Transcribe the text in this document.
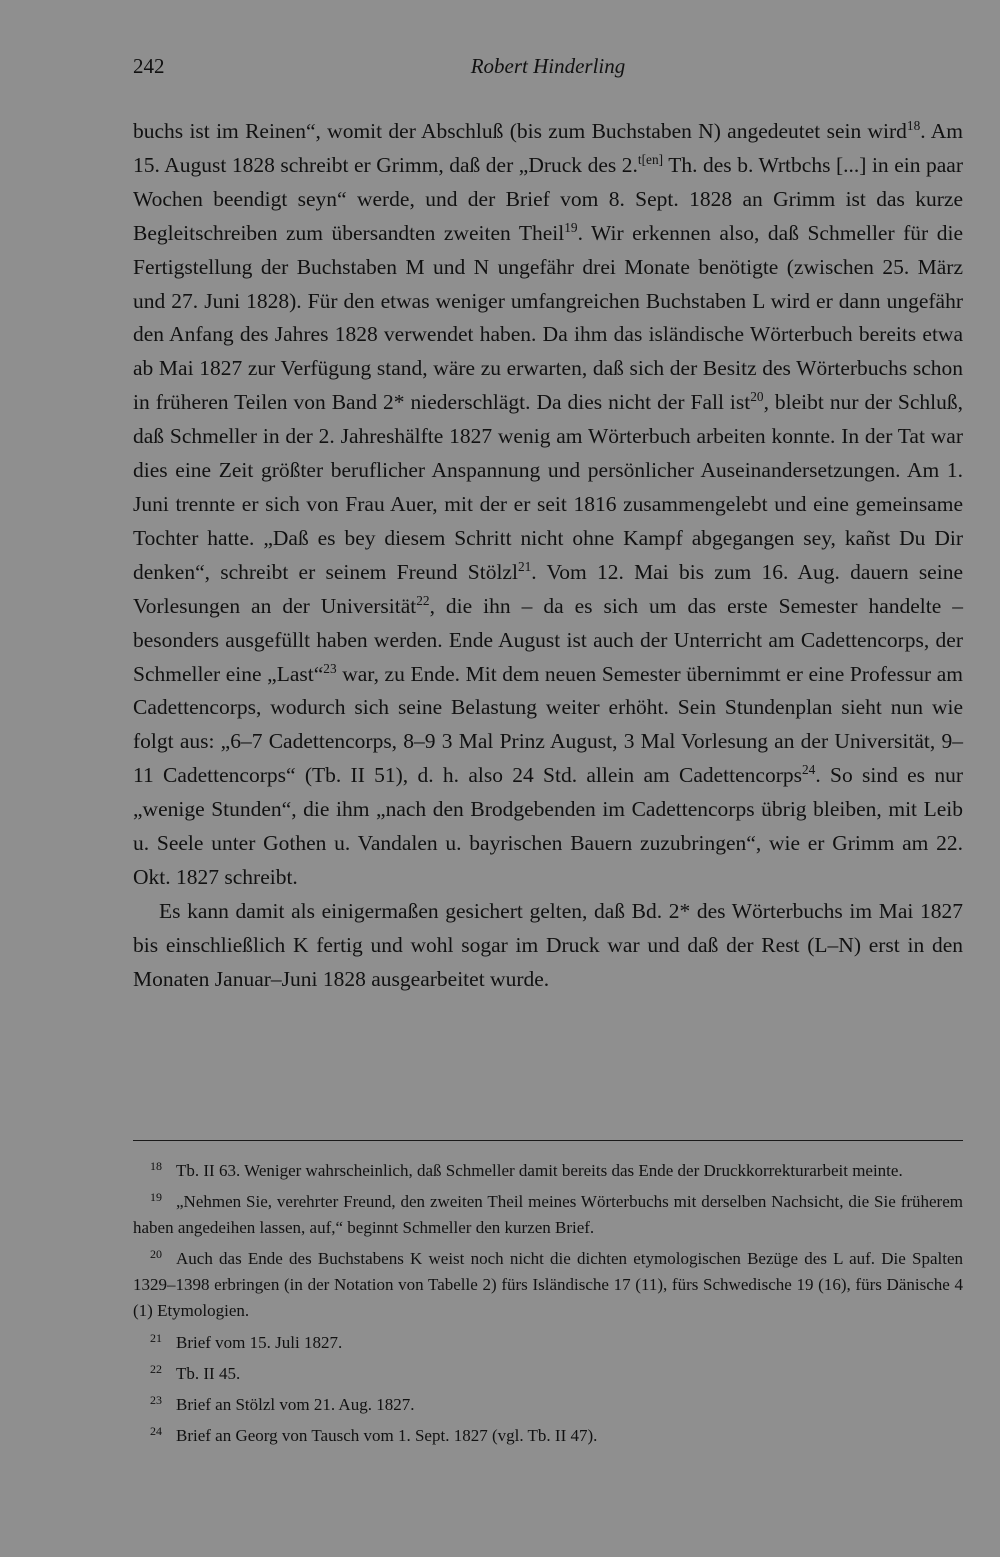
242	Robert Hinderling

buchs ist im Reinen“, womit der Abschluß (bis zum Buchstaben N) angedeutet sein wird$^{18}$. Am 15. August 1828 schreibt er Grimm, daß der „Druck des 2.$^{t[en]}$ Th. des b. Wrtbchs [...] in ein paar Wochen beendigt seyn“ werde, und der Brief vom 8. Sept. 1828 an Grimm ist das kurze Begleitschreiben zum übersandten zweiten Theil$^{19}$. Wir erkennen also, daß Schmeller für die Fertigstellung der Buchstaben M und N ungefähr drei Monate benötigte (zwischen 25. März und 27. Juni 1828). Für den etwas weniger umfangreichen Buchstaben L wird er dann ungefähr den Anfang des Jahres 1828 verwendet haben. Da ihm das isländische Wörterbuch bereits etwa ab Mai 1827 zur Verfügung stand, wäre zu erwarten, daß sich der Besitz des Wörterbuchs schon in früheren Teilen von Band 2* niederschlägt. Da dies nicht der Fall ist$^{20}$, bleibt nur der Schluß, daß Schmeller in der 2. Jahreshälfte 1827 wenig am Wörterbuch arbeiten konnte. In der Tat war dies eine Zeit größter beruflicher Anspannung und persönlicher Auseinandersetzungen. Am 1. Juni trennte er sich von Frau Auer, mit der er seit 1816 zusammengelebt und eine gemeinsame Tochter hatte. „Daß es bey diesem Schritt nicht ohne Kampf abgegangen sey, kañst Du Dir denken“, schreibt er seinem Freund Stölzl$^{21}$. Vom 12. Mai bis zum 16. Aug. dauern seine Vorlesungen an der Universität$^{22}$, die ihn – da es sich um das erste Semester handelte – besonders ausgefüllt haben werden. Ende August ist auch der Unterricht am Cadettencorps, der Schmeller eine „Last“$^{23}$ war, zu Ende. Mit dem neuen Semester übernimmt er eine Professur am Cadettencorps, wodurch sich seine Belastung weiter erhöht. Sein Stundenplan sieht nun wie folgt aus: „6–7 Cadettencorps, 8–9 3 Mal Prinz August, 3 Mal Vorlesung an der Universität, 9–11 Cadettencorps“ (Tb. II 51), d. h. also 24 Std. allein am Cadettencorps$^{24}$. So sind es nur „wenige Stunden“, die ihm „nach den Brodgebenden im Cadettencorps übrig bleiben, mit Leib u. Seele unter Gothen u. Vandalen u. bayrischen Bauern zuzubringen“, wie er Grimm am 22. Okt. 1827 schreibt.

Es kann damit als einigermaßen gesichert gelten, daß Bd. 2* des Wörterbuchs im Mai 1827 bis einschließlich K fertig und wohl sogar im Druck war und daß der Rest (L–N) erst in den Monaten Januar–Juni 1828 ausgearbeitet wurde.

18 Tb. II 63. Weniger wahrscheinlich, daß Schmeller damit bereits das Ende der Druckkorrekturarbeit meinte.

19 „Nehmen Sie, verehrter Freund, den zweiten Theil meines Wörterbuchs mit derselben Nachsicht, die Sie früherem haben angedeihen lassen, auf,“ beginnt Schmeller den kurzen Brief.

20 Auch das Ende des Buchstabens K weist noch nicht die dichten etymologischen Bezüge des L auf. Die Spalten 1329–1398 erbringen (in der Notation von Tabelle 2) fürs Isländische 17 (11), fürs Schwedische 19 (16), fürs Dänische 4 (1) Etymologien.

21 Brief vom 15. Juli 1827.

22 Tb. II 45.

23 Brief an Stölzl vom 21. Aug. 1827.

24 Brief an Georg von Tausch vom 1. Sept. 1827 (vgl. Tb. II 47).
